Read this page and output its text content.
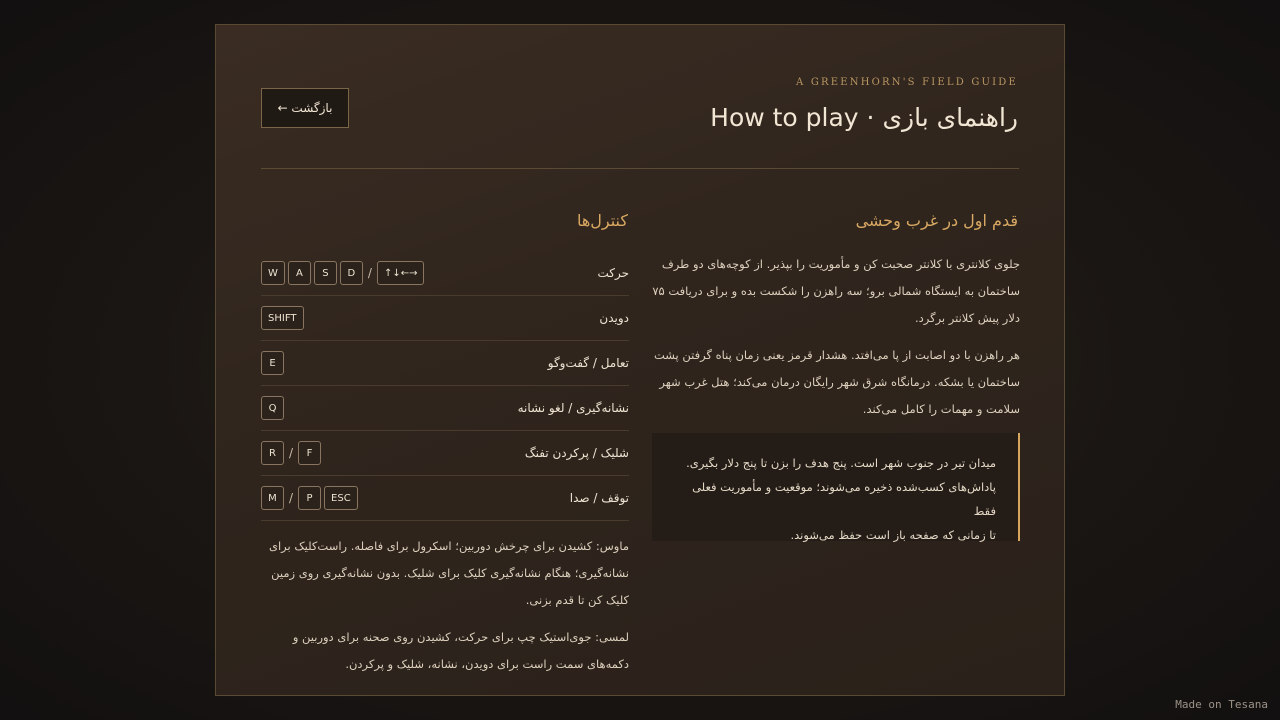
A GREENHORN'S FIELD GUIDE
راهنمای بازی · How to play
بازگشت ←
قدم اول در غرب وحشی
کنترل‌ها

جلوی کلانتری با کلانتر صحبت کن و مأموریت را بپذیر. از کوچه‌های دو طرف ساختمان به ایستگاه شمالی برو؛ سه راهزن را شکست بده و برای دریافت ۷۵ دلار پیش کلانتر برگرد.

هر راهزن با دو اصابت از پا می‌افتد. هشدار قرمز یعنی زمان پناه گرفتن پشت ساختمان یا بشکه. درمانگاه شرق شهر رایگان درمان می‌کند؛ هتل غرب شهر سلامت و مهمات را کامل می‌کند.

میدان تیر در جنوب شهر است. پنج هدف را بزن تا پنج دلار بگیری.

پاداش‌های کسب‌شده ذخیره می‌شوند؛ موقعیت و مأموریت فعلی فقط

تا زمانی که صفحه باز است حفظ می‌شوند.

W	A	S	D	/	↑↓←→	حرکت
SHIFT	دویدن
E	تعامل / گفت‌وگو
Q	نشانه‌گیری / لغو نشانه
R	/	F	شلیک / پرکردن تفنگ
M	/	P	ESC	توقف / صدا

ماوس: کشیدن برای چرخش دوربین؛ اسکرول برای فاصله. راست‌کلیک برای نشانه‌گیری؛ هنگام نشانه‌گیری کلیک برای شلیک. بدون نشانه‌گیری روی زمین کلیک کن تا قدم بزنی.

لمسی: جوی‌استیک چپ برای حرکت، کشیدن روی صحنه برای دوربین و دکمه‌های سمت راست برای دویدن، نشانه، شلیک و پرکردن.

Made on Tesana
